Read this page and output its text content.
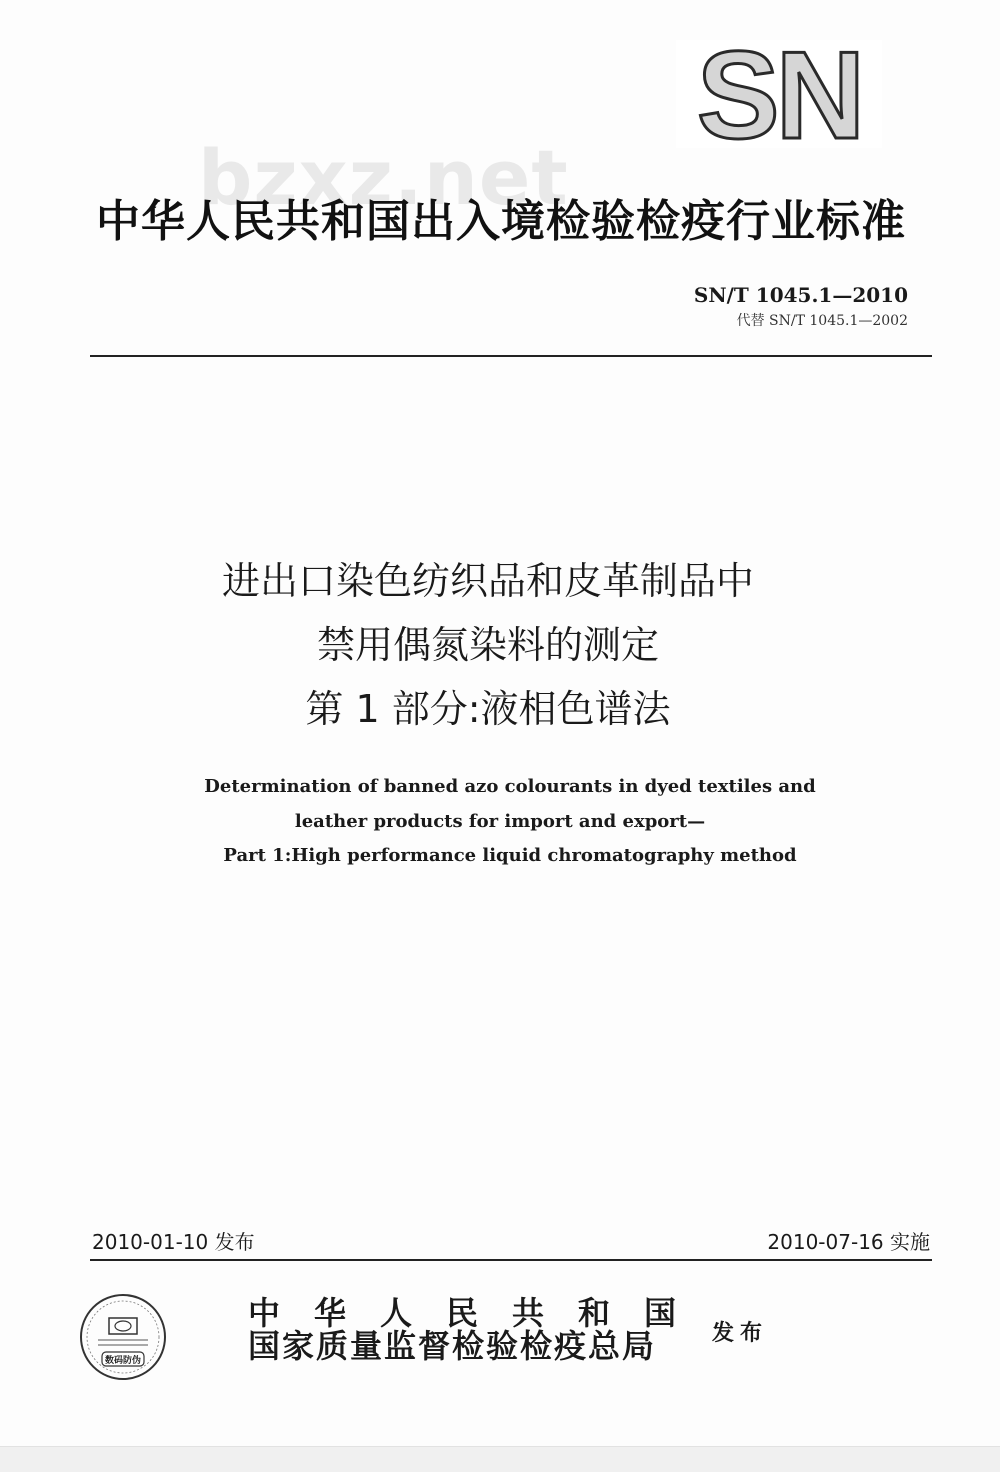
SN
bzxz.net
中华人民共和国出入境检验检疫行业标准
SN/T 1045.1—2010
代替 SN/T 1045.1—2002
进出口染色纺织品和皮革制品中
禁用偶氮染料的测定
第 1 部分:液相色谱法
Determination of banned azo colourants in dyed textiles and
leather products for import and export—
Part 1:High performance liquid chromatography method
2010-01-10 发布	2010-07-16 实施
数码防伪
中华人民共和国
国家质量监督检验检疫总局	发布
